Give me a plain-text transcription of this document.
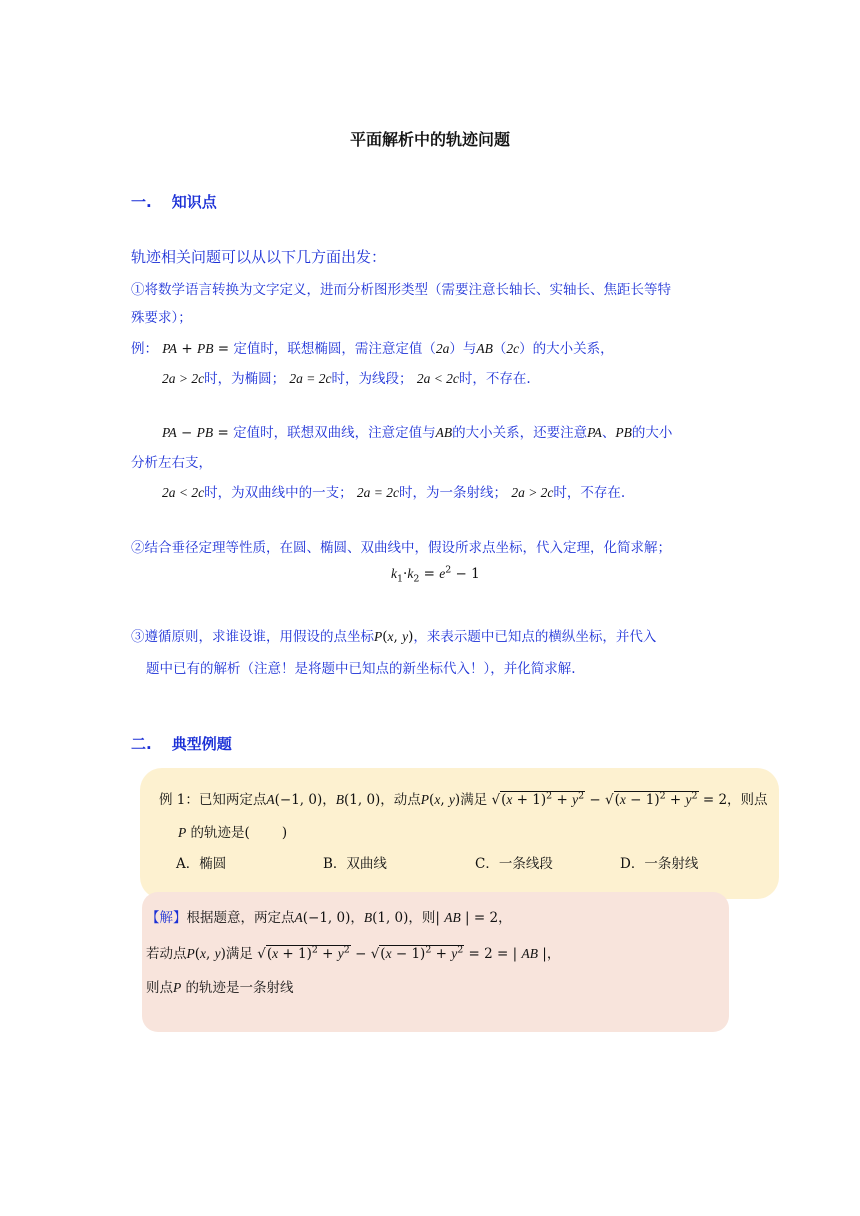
平面解析中的轨迹问题
一. 知识点
轨迹相关问题可以从以下几方面出发：
①将数学语言转换为文字定义，进而分析图形类型（需要注意长轴长、实轴长、焦距长等特
殊要求）；
例： PA + PB = 定值时，联想椭圆，需注意定值（2a）与AB（2c）的大小关系，
2a > 2c时，为椭圆； 2a = 2c时，为线段； 2a < 2c时，不存在.
PA − PB = 定值时，联想双曲线，注意定值与AB的大小关系，还要注意PA、PB的大小
分析左右支，
2a < 2c时，为双曲线中的一支； 2a = 2c时，为一条射线； 2a > 2c时，不存在.
②结合垂径定理等性质，在圆、椭圆、双曲线中，假设所求点坐标，代入定理，化简求解；
$k_1\cdot k_2 = e^2 - 1$
③遵循原则，求谁设谁，用假设的点坐标P(x, y)，来表示题中已知点的横纵坐标，并代入
题中已有的解析（注意！是将题中已知点的新坐标代入！），并化简求解.
二. 典型例题
例 1：已知两定点A(−1, 0)，B(1, 0)，动点P(x, y)满足 $√(x + 1)^2 + y^2 - √(x - 1)^2 + y^2 = 2$，则点
P 的轨迹是( )
A．椭圆	B．双曲线	C．一条线段	D．一条射线
【解】根据题意，两定点A(−1, 0)，B(1, 0)，则| AB | = 2，
若动点P(x, y)满足 $√(x + 1)^2 + y^2 - √(x - 1)^2 + y^2 = 2$ = | AB |，
则点P 的轨迹是一条射线
